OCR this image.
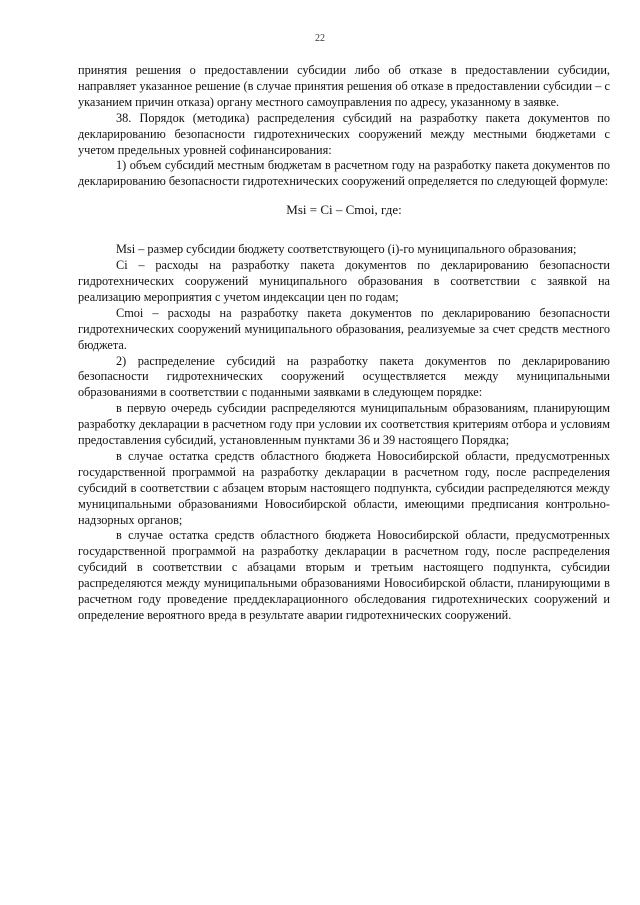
22

принятия решения о предоставлении субсидии либо об отказе в предоставлении субсидии, направляет указанное решение (в случае принятия решения об отказе в предоставлении субсидии – с указанием причин отказа) органу местного самоуправления по адресу, указанному в заявке.

38. Порядок (методика) распределения субсидий на разработку пакета документов по декларированию безопасности гидротехнических сооружений между местными бюджетами с учетом предельных уровней софинансирования:

1) объем субсидий местным бюджетам в расчетном году на разработку пакета документов по декларированию безопасности гидротехнических сооружений определяется по следующей формуле:

Msi = Ci – Cmoi, где:

Msi – размер субсидии бюджету соответствующего (i)-го муниципального образования;

Ci – расходы на разработку пакета документов по декларированию безопасности гидротехнических сооружений муниципального образования в соответствии с заявкой на реализацию мероприятия с учетом индексации цен по годам;

Cmoi – расходы на разработку пакета документов по декларированию безопасности гидротехнических сооружений муниципального образования, реализуемые за счет средств местного бюджета.

2) распределение субсидий на разработку пакета документов по декларированию безопасности гидротехнических сооружений осуществляется между муниципальными образованиями в соответствии с поданными заявками в следующем порядке:

в первую очередь субсидии распределяются муниципальным образованиям, планирующим разработку декларации в расчетном году при условии их соответствия критериям отбора и условиям предоставления субсидий, установленным пунктами 36 и 39 настоящего Порядка;

в случае остатка средств областного бюджета Новосибирской области, предусмотренных государственной программой на разработку декларации в расчетном году, после распределения субсидий в соответствии с абзацем вторым настоящего подпункта, субсидии распределяются между муниципальными образованиями Новосибирской области, имеющими предписания контрольно-надзорных органов;

в случае остатка средств областного бюджета Новосибирской области, предусмотренных государственной программой на разработку декларации в расчетном году, после распределения субсидий в соответствии с абзацами вторым и третьим настоящего подпункта, субсидии распределяются между муниципальными образованиями Новосибирской области, планирующими в расчетном году проведение преддекларационного обследования гидротехнических сооружений и определение вероятного вреда в результате аварии гидротехнических сооружений.
